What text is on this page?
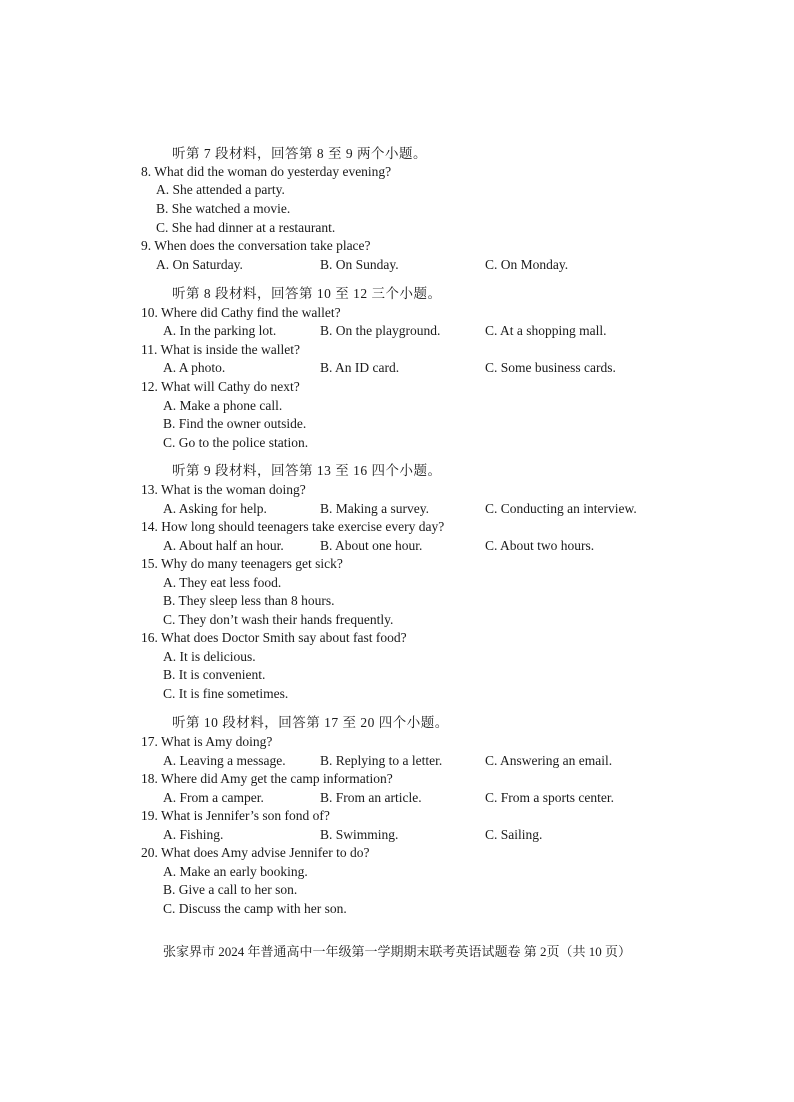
听第 7 段材料，回答第 8 至 9 两个小题。
8. What did the woman do yesterday evening?
A. She attended a party.
B. She watched a movie.
C. She had dinner at a restaurant.
9. When does the conversation take place?
A. On Saturday.	B. On Sunday.	C. On Monday.
听第 8 段材料，回答第 10 至 12 三个小题。
10. Where did Cathy find the wallet?
A. In the parking lot.	B. On the playground.	C. At a shopping mall.
11. What is inside the wallet?
A. A photo.	B. An ID card.	C. Some business cards.
12. What will Cathy do next?
A. Make a phone call.
B. Find the owner outside.
C. Go to the police station.
听第 9 段材料，回答第 13 至 16 四个小题。
13. What is the woman doing?
A. Asking for help.	B. Making a survey.	C. Conducting an interview.
14. How long should teenagers take exercise every day?
A. About half an hour.	B. About one hour.	C. About two hours.
15. Why do many teenagers get sick?
A. They eat less food.
B. They sleep less than 8 hours.
C. They don’t wash their hands frequently.
16. What does Doctor Smith say about fast food?
A. It is delicious.
B. It is convenient.
C. It is fine sometimes.
听第 10 段材料，回答第 17 至 20 四个小题。
17. What is Amy doing?
A. Leaving a message.	B. Replying to a letter.	C. Answering an email.
18. Where did Amy get the camp information?
A. From a camper.	B. From an article.	C. From a sports center.
19. What is Jennifer’s son fond of?
A. Fishing.	B. Swimming.	C. Sailing.
20. What does Amy advise Jennifer to do?
A. Make an early booking.
B. Give a call to her son.
C. Discuss the camp with her son.
张家界市 2024 年普通高中一年级第一学期期末联考英语试题卷 第 2页（共 10 页）
